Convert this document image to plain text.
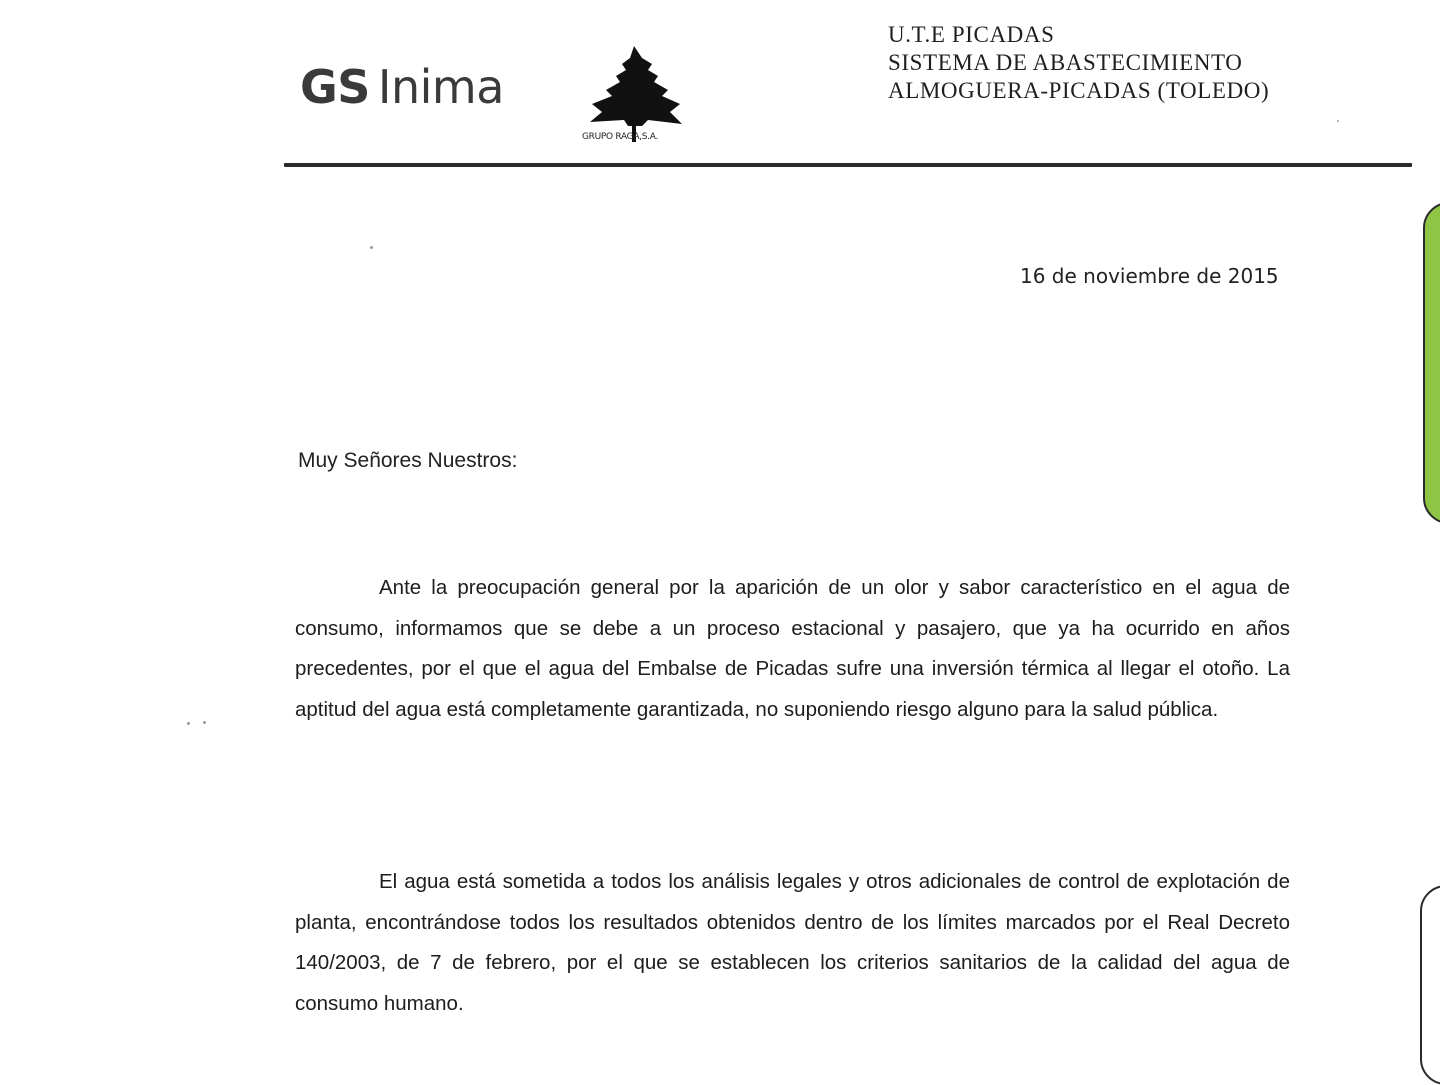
GS Inima
GRUPO RAGA,S.A.
U.T.E PICADAS
SISTEMA DE ABASTECIMIENTO
ALMOGUERA-PICADAS (TOLEDO)
16 de noviembre de 2015
Muy Señores Nuestros:
Ante la preocupación general por la aparición de un olor y sabor característico en el agua de consumo, informamos que se debe a un proceso estacional y pasajero, que ya ha ocurrido en años precedentes, por el que el agua del Embalse de Picadas sufre una inversión térmica al llegar el otoño. La aptitud del agua está completamente garantizada, no suponiendo riesgo alguno para la salud pública.
El agua está sometida a todos los análisis legales y otros adicionales de control de explotación de planta, encontrándose todos los resultados obtenidos dentro de los límites marcados por el Real Decreto 140/2003, de 7 de febrero, por el que se establecen los criterios sanitarios de la calidad del agua de consumo humano.
